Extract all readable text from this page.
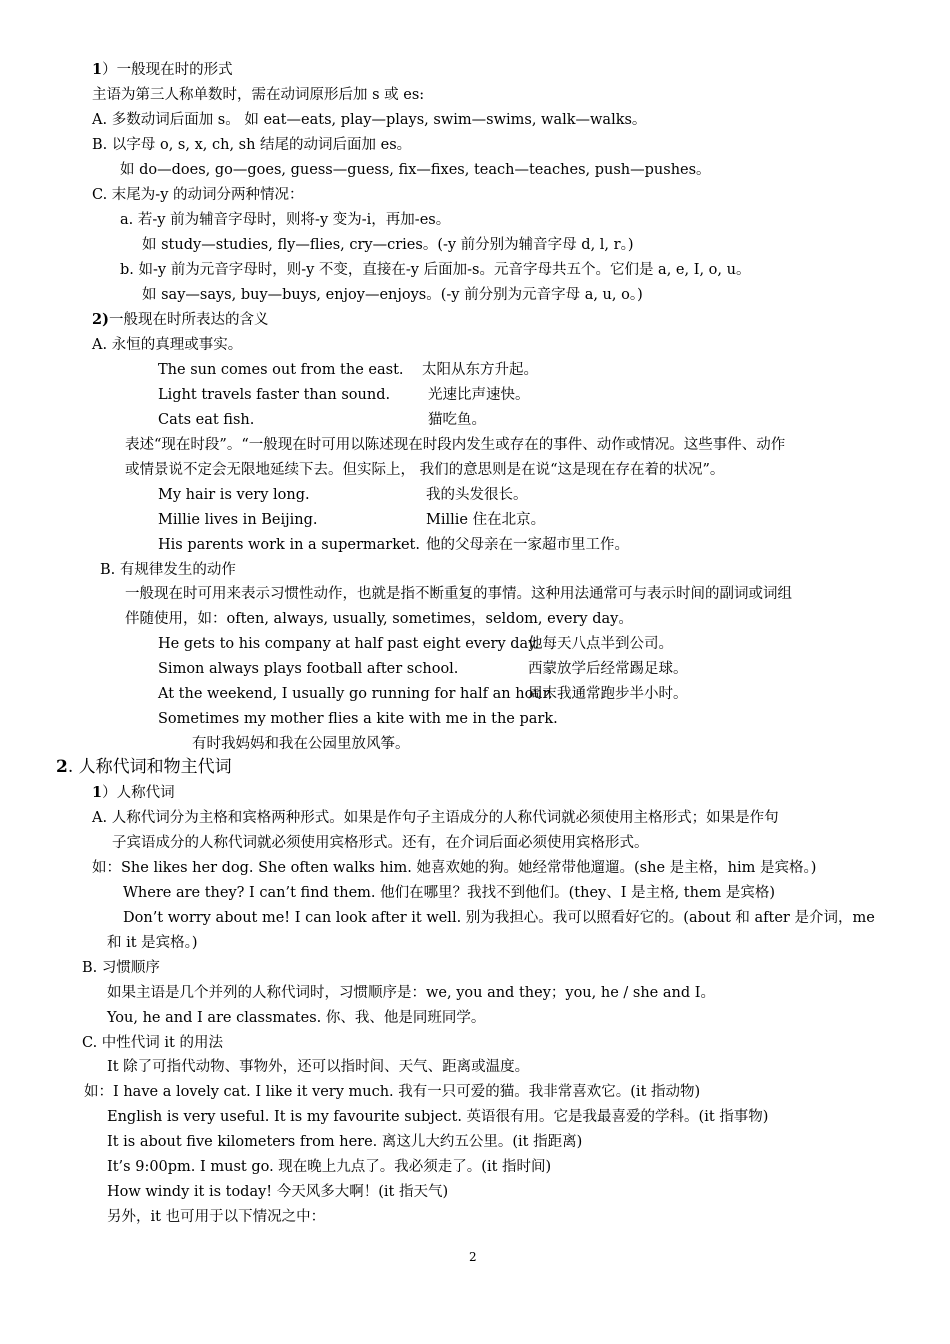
1）一般现在时的形式
主语为第三人称单数时，需在动词原形后加 s 或 es:
A. 多数动词后面加 s。 如 eat—eats, play—plays, swim—swims, walk—walks。
B. 以字母 o, s, x, ch, sh 结尾的动词后面加 es。
如 do—does, go—goes, guess—guess, fix—fixes, teach—teaches, push—pushes。
C. 末尾为-y 的动词分两种情况：
a. 若-y 前为辅音字母时，则将-y 变为-i，再加-es。
如 study—studies, fly—flies, cry—cries。(-y 前分别为辅音字母 d, l, r。)
b. 如-y 前为元音字母时，则-y 不变，直接在-y 后面加-s。元音字母共五个。它们是 a, e, I, o, u。
如 say—says, buy—buys, enjoy—enjoys。(-y 前分别为元音字母 a, u, o。)
2)一般现在时所表达的含义
A. 永恒的真理或事实。
The sun comes out from the east. 太阳从东方升起。
Light travels faster than sound.	光速比声速快。
Cats eat fish.	猫吃鱼。
表述“现在时段”。“一般现在时可用以陈述现在时段内发生或存在的事件、动作或情况。这些事件、动作
或情景说不定会无限地延续下去。但实际上， 我们的意思则是在说“这是现在存在着的状况”。
My hair is very long.	我的头发很长。
Millie lives in Beijing.	Millie 住在北京。
His parents work in a supermarket. 他的父母亲在一家超市里工作。
B. 有规律发生的动作
一般现在时可用来表示习惯性动作，也就是指不断重复的事情。这种用法通常可与表示时间的副词或词组
伴随使用，如：often, always, usually, sometimes，seldom, every day。
He gets to his company at half past eight every day.
他每天八点半到公司。
Simon always plays football after school.	西蒙放学后经常踢足球。
At the weekend, I usually go running for half an hour.
周末我通常跑步半小时。
Sometimes my mother flies a kite with me in the park.
有时我妈妈和我在公园里放风筝。
2. 人称代词和物主代词
1）人称代词
A. 人称代词分为主格和宾格两种形式。如果是作句子主语成分的人称代词就必须使用主格形式；如果是作句
子宾语成分的人称代词就必须使用宾格形式。还有，在介词后面必须使用宾格形式。
如：She likes her dog. She often walks him. 她喜欢她的狗。她经常带他遛遛。(she 是主格，him 是宾格。)
Where are they? I can’t find them. 他们在哪里？我找不到他们。(they、I 是主格, them 是宾格)
Don’t worry about me! I can look after it well. 别为我担心。我可以照看好它的。(about 和 after 是介词，me
和 it 是宾格。)
B. 习惯顺序
如果主语是几个并列的人称代词时，习惯顺序是：we, you and they；you, he / she and I。
You, he and I are classmates. 你、我、他是同班同学。
C. 中性代词 it 的用法
It 除了可指代动物、事物外，还可以指时间、天气、距离或温度。
如：I have a lovely cat. I like it very much. 我有一只可爱的猫。我非常喜欢它。(it 指动物)
English is very useful. It is my favourite subject. 英语很有用。它是我最喜爱的学科。(it 指事物)
It is about five kilometers from here. 离这儿大约五公里。(it 指距离)
It’s 9:00pm. I must go. 现在晚上九点了。我必须走了。(it 指时间)
How windy it is today! 今天风多大啊！(it 指天气)
另外，it 也可用于以下情况之中：
2
